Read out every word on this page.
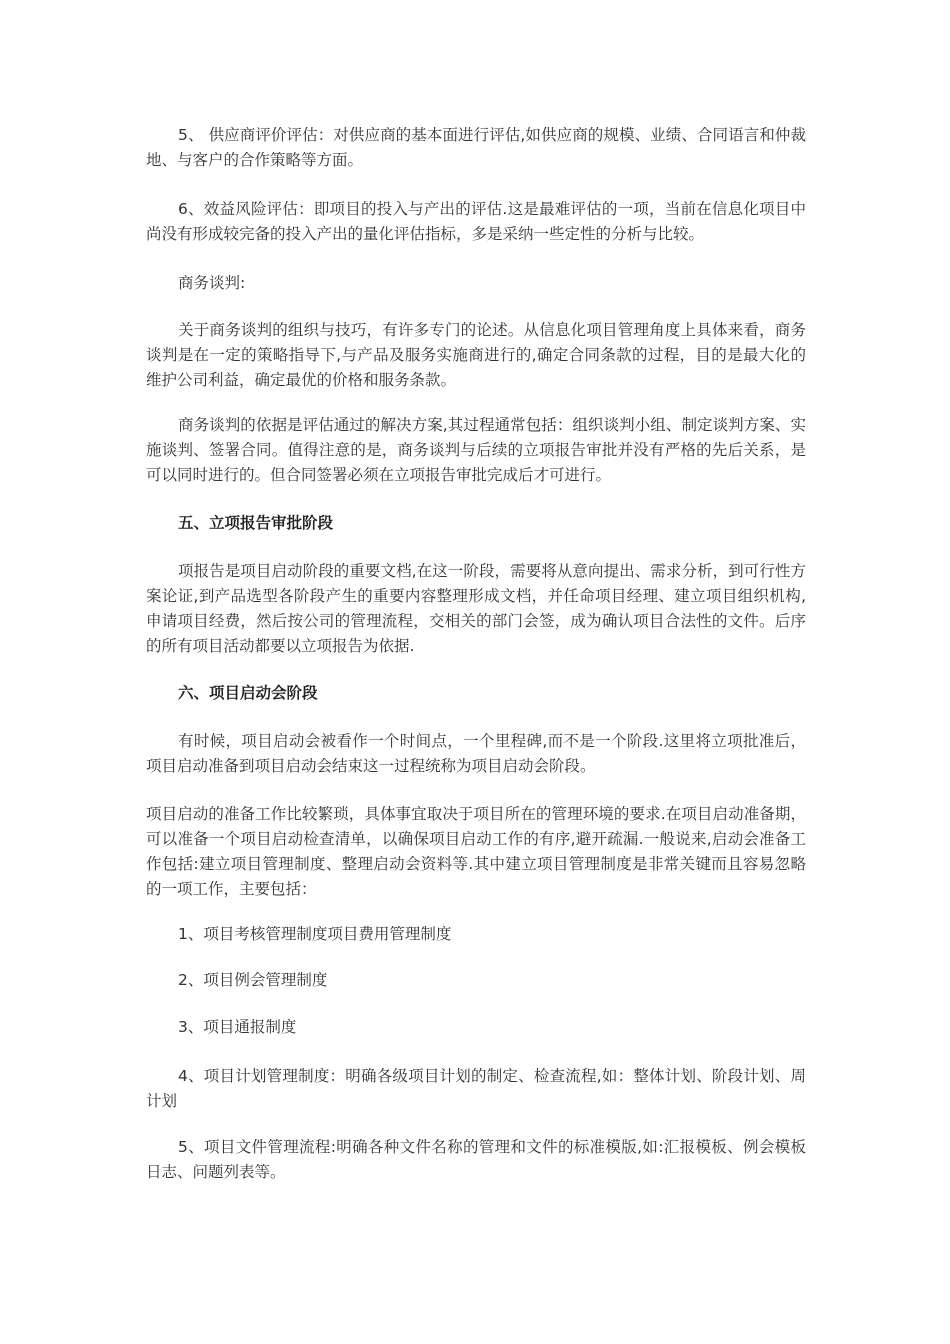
5、 供应商评价评估：对供应商的基本面进行评估,如供应商的规模、业绩、合同语言和仲裁地、与客户的合作策略等方面。

6、效益风险评估：即项目的投入与产出的评估.这是最难评估的一项，当前在信息化项目中尚没有形成较完备的投入产出的量化评估指标，多是采纳一些定性的分析与比较。

商务谈判:

关于商务谈判的组织与技巧，有许多专门的论述。从信息化项目管理角度上具体来看，商务谈判是在一定的策略指导下,与产品及服务实施商进行的,确定合同条款的过程，目的是最大化的维护公司利益，确定最优的价格和服务条款。

商务谈判的依据是评估通过的解决方案,其过程通常包括：组织谈判小组、制定谈判方案、实施谈判、签署合同。值得注意的是，商务谈判与后续的立项报告审批并没有严格的先后关系，是可以同时进行的。但合同签署必须在立项报告审批完成后才可进行。

五、立项报告审批阶段

项报告是项目启动阶段的重要文档,在这一阶段，需要将从意向提出、需求分析，到可行性方案论证,到产品选型各阶段产生的重要内容整理形成文档，并任命项目经理、建立项目组织机构,申请项目经费，然后按公司的管理流程，交相关的部门会签，成为确认项目合法性的文件。后序的所有项目活动都要以立项报告为依据.

六、项目启动会阶段

有时候，项目启动会被看作一个时间点，一个里程碑,而不是一个阶段.这里将立项批准后，项目启动准备到项目启动会结束这一过程统称为项目启动会阶段。

项目启动的准备工作比较繁琐，具体事宜取决于项目所在的管理环境的要求.在项目启动准备期，可以准备一个项目启动检查清单，以确保项目启动工作的有序,避开疏漏.一般说来,启动会准备工作包括:建立项目管理制度、整理启动会资料等.其中建立项目管理制度是非常关键而且容易忽略的一项工作，主要包括：

1、项目考核管理制度项目费用管理制度

2、项目例会管理制度

3、项目通报制度

4、项目计划管理制度：明确各级项目计划的制定、检查流程,如：整体计划、阶段计划、周计划

5、项目文件管理流程:明确各种文件名称的管理和文件的标准模版,如:汇报模板、例会模板日志、问题列表等。
